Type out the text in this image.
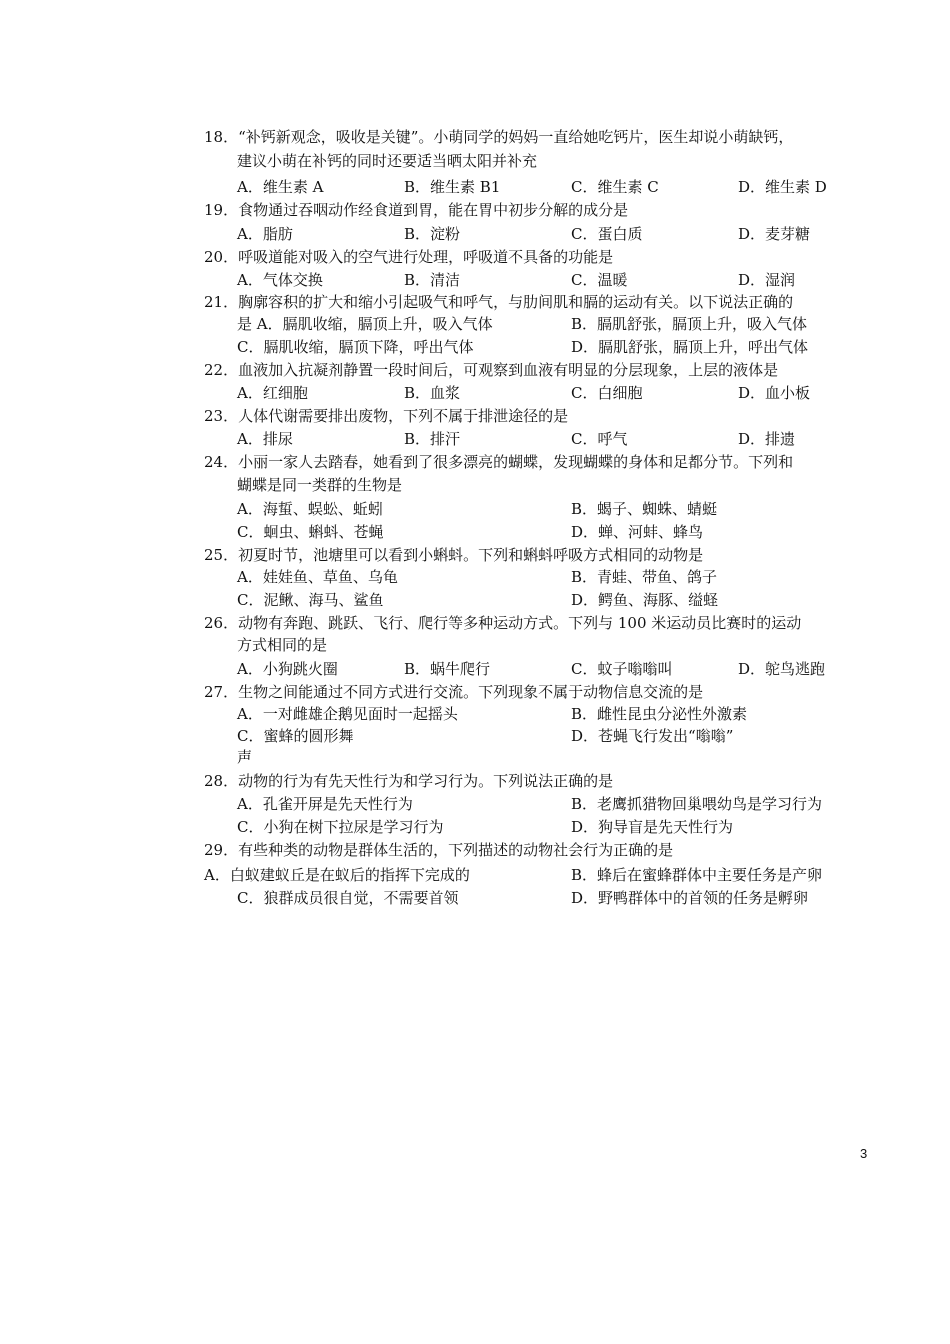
18．“补钙新观念，吸收是关键”。小萌同学的妈妈一直给她吃钙片，医生却说小萌缺钙，
建议小萌在补钙的同时还要适当晒太阳并补充
A．维生素 A	B．维生素 B1	C．维生素 C	D．维生素 D
19．食物通过吞咽动作经食道到胃，能在胃中初步分解的成分是
A．脂肪	B．淀粉	C．蛋白质	D．麦芽糖
20．呼吸道能对吸入的空气进行处理，呼吸道不具备的功能是
A．气体交换	B．清洁	C．温暖	D．湿润
21．胸廓容积的扩大和缩小引起吸气和呼气，与肋间肌和膈的运动有关。以下说法正确的
是 A．膈肌收缩，膈顶上升，吸入气体	B．膈肌舒张，膈顶上升，吸入气体
C．膈肌收缩，膈顶下降，呼出气体	D．膈肌舒张，膈顶上升，呼出气体
22．血液加入抗凝剂静置一段时间后，可观察到血液有明显的分层现象，上层的液体是
A．红细胞	B．血浆	C．白细胞	D．血小板
23．人体代谢需要排出废物，下列不属于排泄途径的是
A．排尿	B．排汗	C．呼气	D．排遗
24．小丽一家人去踏春，她看到了很多漂亮的蝴蝶，发现蝴蝶的身体和足都分节。下列和
蝴蝶是同一类群的生物是
A．海蜇、蜈蚣、蚯蚓	B．蝎子、蜘蛛、蜻蜓
C．蛔虫、蝌蚪、苍蝇	D．蝉、河蚌、蜂鸟
25．初夏时节，池塘里可以看到小蝌蚪。下列和蝌蚪呼吸方式相同的动物是
A．娃娃鱼、草鱼、乌龟	B．青蛙、带鱼、鸽子
C．泥鳅、海马、鲨鱼	D．鳄鱼、海豚、缢蛏
26．动物有奔跑、跳跃、飞行、爬行等多种运动方式。下列与 100 米运动员比赛时的运动
方式相同的是
A．小狗跳火圈	B．蜗牛爬行	C．蚊子嗡嗡叫	D．鸵鸟逃跑
27．生物之间能通过不同方式进行交流。下列现象不属于动物信息交流的是
A．一对雌雄企鹅见面时一起摇头	B．雌性昆虫分泌性外激素
C．蜜蜂的圆形舞	D．苍蝇飞行发出“嗡嗡”
声
28．动物的行为有先天性行为和学习行为。下列说法正确的是
A．孔雀开屏是先天性行为	B．老鹰抓猎物回巢喂幼鸟是学习行为
C．小狗在树下拉尿是学习行为	D．狗导盲是先天性行为
29．有些种类的动物是群体生活的，下列描述的动物社会行为正确的是
A．白蚁建蚁丘是在蚁后的指挥下完成的	B．蜂后在蜜蜂群体中主要任务是产卵
C．狼群成员很自觉，不需要首领	D．野鸭群体中的首领的任务是孵卵
3
